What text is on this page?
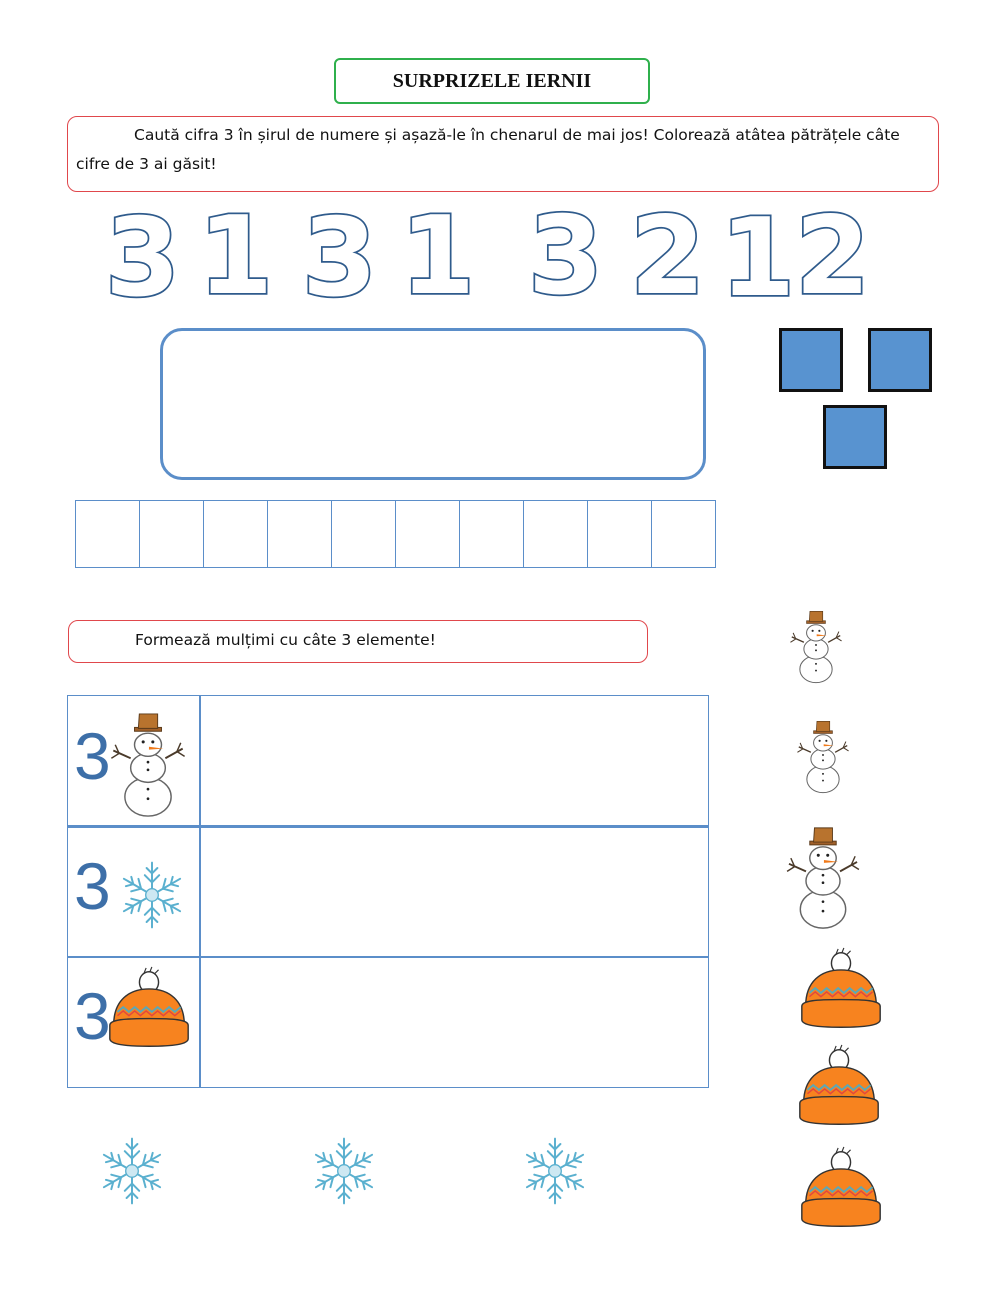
SURPRIZELE IERNII
Caută cifra 3 în șirul de numere și așază-le în chenarul de mai jos! Colorează atâtea pătrățele câte cifre de 3 ai găsit!
3 1 3 1 3 2 1 2
Formează mulțimi cu câte 3 elemente!
3
3
3
